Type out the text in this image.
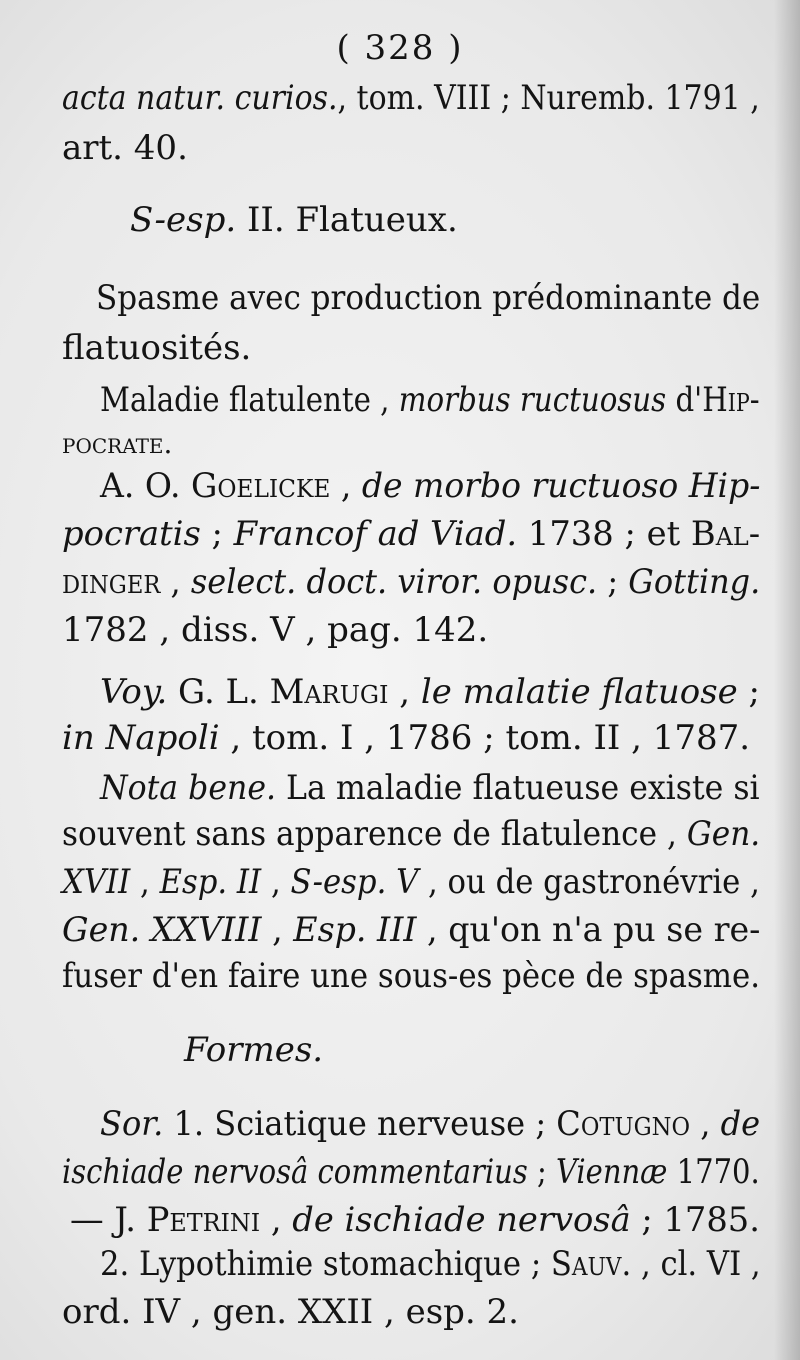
( 328 )
acta natur. curios., tom. VIII ; Nuremb. 1791 ,
art. 40.
S-esp. II. Flatueux.
Spasme avec production prédominante de
flatuosités.
Maladie flatulente , morbus ructuosus d'Hip-
pocrate.
A. O. Goelicke , de morbo ructuoso Hip-
pocratis ; Francof ad Viad. 1738 ; et Bal-
dinger , select. doct. viror. opusc. ; Gotting.
1782 , diss. V , pag. 142.
Voy. G. L. Marugi , le malatie flatuose ;
in Napoli , tom. I , 1786 ; tom. II , 1787.
Nota bene. La maladie flatueuse existe si
souvent sans apparence de flatulence , Gen.
XVII , Esp. II , S-esp. V , ou de gastronévrie ,
Gen. XXVIII , Esp. III , qu'on n'a pu se re-
fuser d'en faire une sous-es pèce de spasme.
Formes.
Sor. 1. Sciatique nerveuse ; Cotugno , de
ischiade nervosâ commentarius ; Viennæ 1770.
— J. Petrini , de ischiade nervosâ ; 1785.
2. Lypothimie stomachique ; Sauv. , cl. VI ,
ord. IV , gen. XXII , esp. 2.
